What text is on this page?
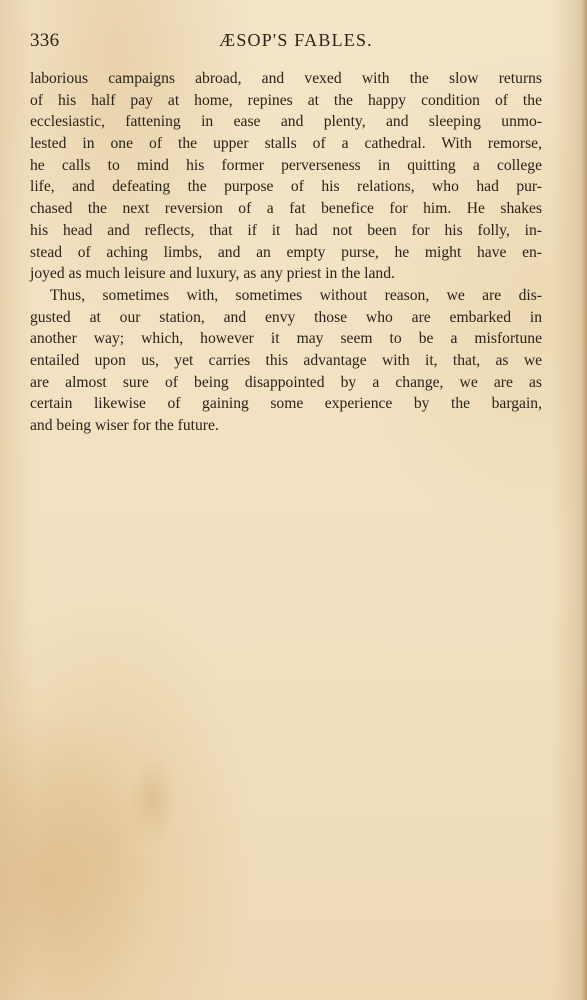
336	ÆSOP'S FABLES.
laborious campaigns abroad, and vexed with the slow returns
of his half pay at home, repines at the happy condition of the
ecclesiastic, fattening in ease and plenty, and sleeping unmo-
lested in one of the upper stalls of a cathedral. With remorse,
he calls to mind his former perverseness in quitting a college
life, and defeating the purpose of his relations, who had pur-
chased the next reversion of a fat benefice for him. He shakes
his head and reflects, that if it had not been for his folly, in-
stead of aching limbs, and an empty purse, he might have en-
joyed as much leisure and luxury, as any priest in the land.
Thus, sometimes with, sometimes without reason, we are dis-
gusted at our station, and envy those who are embarked in
another way; which, however it may seem to be a misfortune
entailed upon us, yet carries this advantage with it, that, as we
are almost sure of being disappointed by a change, we are as
certain likewise of gaining some experience by the bargain,
and being wiser for the future.
